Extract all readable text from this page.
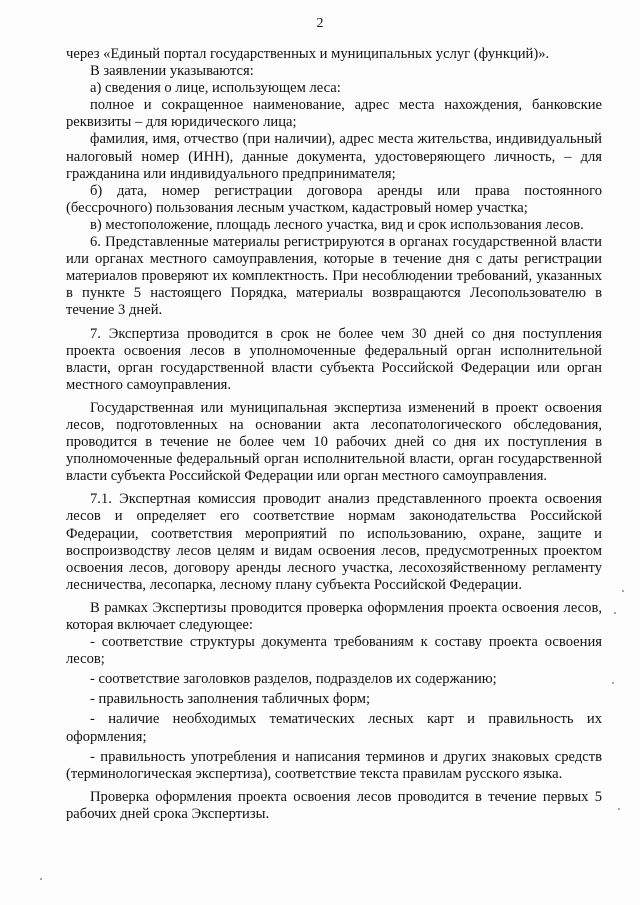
2

через «Единый портал государственных и муниципальных услуг (функций)».

В заявлении указываются:

а) сведения о лице, использующем леса:

полное и сокращенное наименование, адрес места нахождения, банковские реквизиты – для юридического лица;

фамилия, имя, отчество (при наличии), адрес места жительства, индивидуальный налоговый номер (ИНН), данные документа, удостоверяющего личность, – для гражданина или индивидуального предпринимателя;

б) дата, номер регистрации договора аренды или права постоянного (бессрочного) пользования лесным участком, кадастровый номер участка;

в) местоположение, площадь лесного участка, вид и срок использования лесов.

6. Представленные материалы регистрируются в органах государственной власти или органах местного самоуправления, которые в течение дня с даты регистрации материалов проверяют их комплектность. При несоблюдении требований, указанных в пункте 5 настоящего Порядка, материалы возвращаются Лесопользователю в течение 3 дней.

7. Экспертиза проводится в срок не более чем 30 дней со дня поступления проекта освоения лесов в уполномоченные федеральный орган исполнительной власти, орган государственной власти субъекта Российской Федерации или орган местного самоуправления.

Государственная или муниципальная экспертиза изменений в проект освоения лесов, подготовленных на основании акта лесопатологического обследования, проводится в течение не более чем 10 рабочих дней со дня их поступления в уполномоченные федеральный орган исполнительной власти, орган государственной власти субъекта Российской Федерации или орган местного самоуправления.

7.1. Экспертная комиссия проводит анализ представленного проекта освоения лесов и определяет его соответствие нормам законодательства Российской Федерации, соответствия мероприятий по использованию, охране, защите и воспроизводству лесов целям и видам освоения лесов, предусмотренных проектом освоения лесов, договору аренды лесного участка, лесохозяйственному регламенту лесничества, лесопарка, лесному плану субъекта Российской Федерации.

В рамках Экспертизы проводится проверка оформления проекта освоения лесов, которая включает следующее:

- соответствие структуры документа требованиям к составу проекта освоения лесов;

- соответствие заголовков разделов, подразделов их содержанию;

- правильность заполнения табличных форм;

- наличие необходимых тематических лесных карт и правильность их оформления;

- правильность употребления и написания терминов и других знаковых средств (терминологическая экспертиза), соответствие текста правилам русского языка.

Проверка оформления проекта освоения лесов проводится в течение первых 5 рабочих дней срока Экспертизы.
